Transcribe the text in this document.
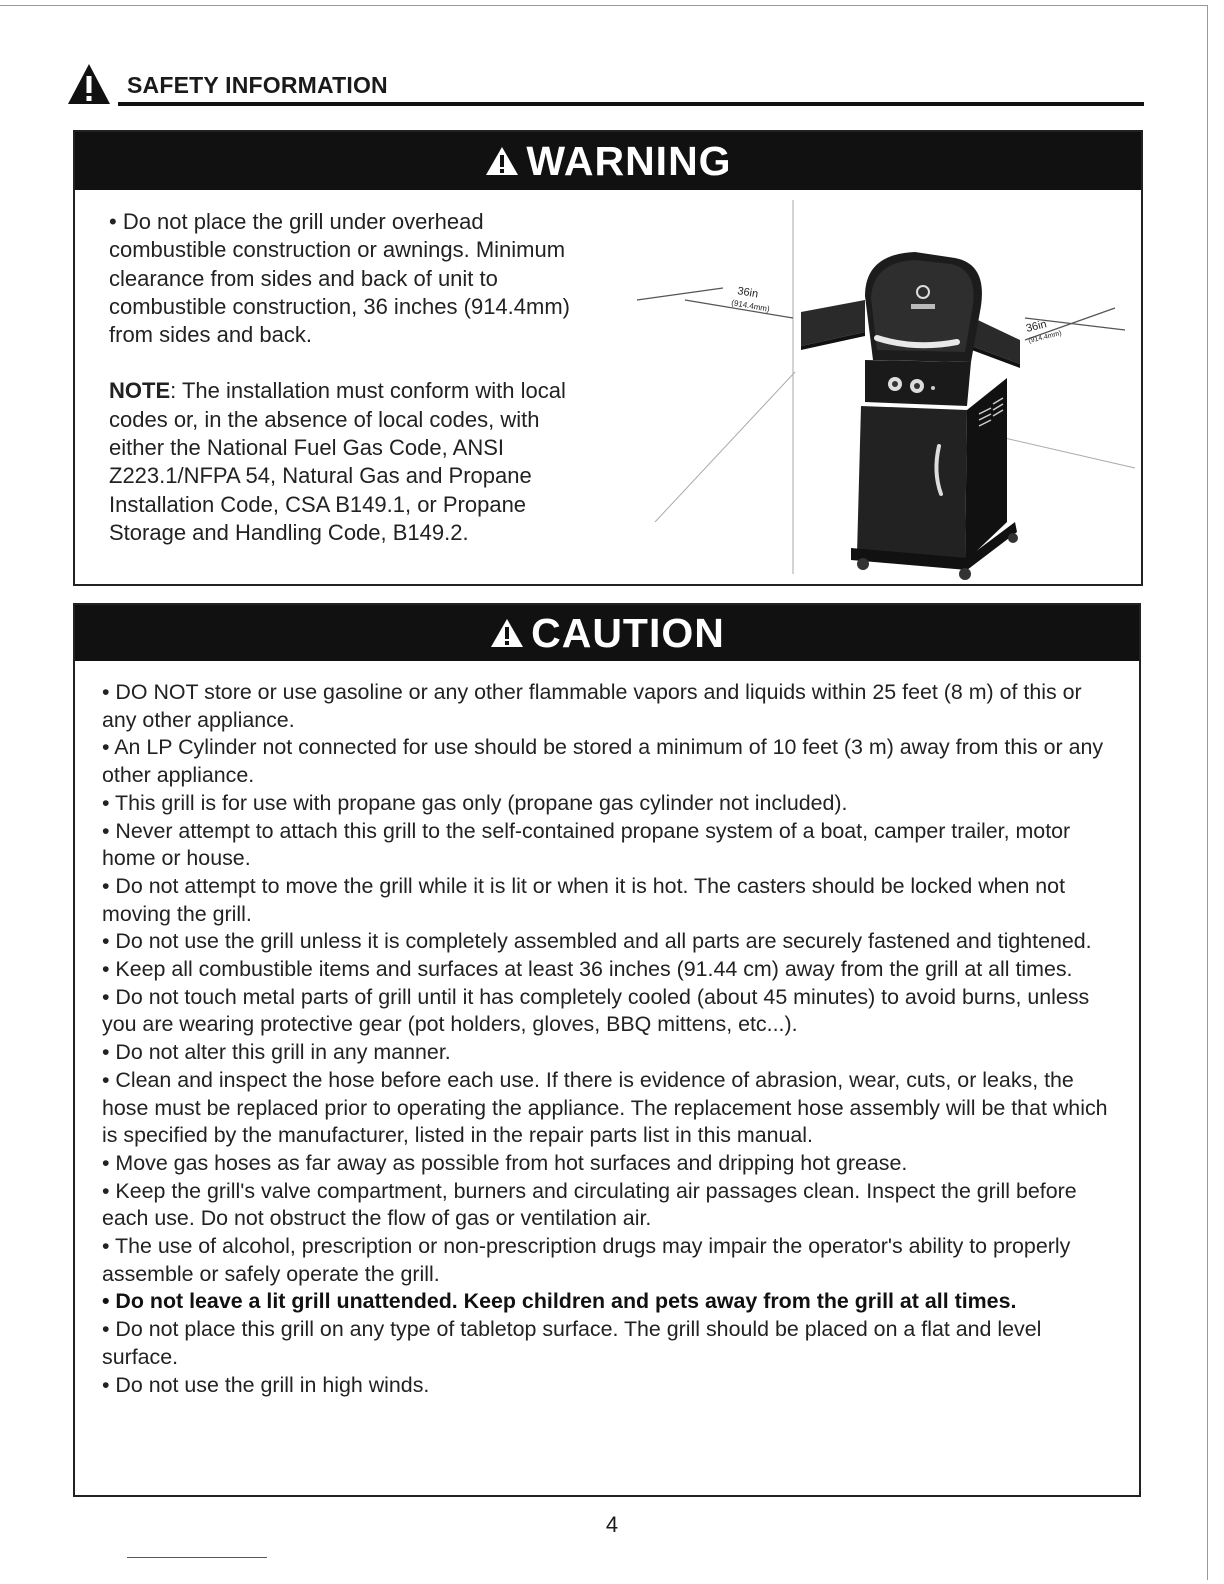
SAFETY INFORMATION
WARNING

• Do not place the grill under overhead combustible construction or awnings. Minimum clearance from sides and back of unit to combustible construction, 36 inches (914.4mm) from sides and back.

NOTE: The installation must conform with local codes or, in the absence of local codes, with either the National Fuel Gas Code, ANSI Z223.1/NFPA 54, Natural Gas and Propane Installation Code, CSA B149.1, or Propane Storage and Handling Code, B149.2.

36in
(914.4mm)
36in
(914.4mm)
CAUTION
• DO NOT store or use gasoline or any other flammable vapors and liquids within 25 feet (8 m) of this or any other appliance.
• An LP Cylinder not connected for use should be stored a minimum of 10 feet (3 m) away from this or any other appliance.
• This grill is for use with propane gas only (propane gas cylinder not included).
• Never attempt to attach this grill to the self-contained propane system of a boat, camper trailer, motor home or house.
• Do not attempt to move the grill while it is lit or when it is hot. The casters should be locked when not moving the grill.
• Do not use the grill unless it is completely assembled and all parts are securely fastened and tightened.
• Keep all combustible items and surfaces at least 36 inches (91.44 cm) away from the grill at all times.
• Do not touch metal parts of grill until it has completely cooled (about 45 minutes) to avoid burns, unless you are wearing protective gear (pot holders, gloves, BBQ mittens, etc...).
• Do not alter this grill in any manner.
• Clean and inspect the hose before each use. If there is evidence of abrasion, wear, cuts, or leaks, the hose must be replaced prior to operating the appliance. The replacement hose assembly will be that which is specified by the manufacturer, listed in the repair parts list in this manual.
• Move gas hoses as far away as possible from hot surfaces and dripping hot grease.
• Keep the grill's valve compartment, burners and circulating air passages clean. Inspect the grill before each use. Do not obstruct the flow of gas or ventilation air.
• The use of alcohol, prescription or non-prescription drugs may impair the operator's ability to properly assemble or safely operate the grill.
• Do not leave a lit grill unattended. Keep children and pets away from the grill at all times.
• Do not place this grill on any type of tabletop surface. The grill should be placed on a flat and level surface.
• Do not use the grill in high winds.
4
